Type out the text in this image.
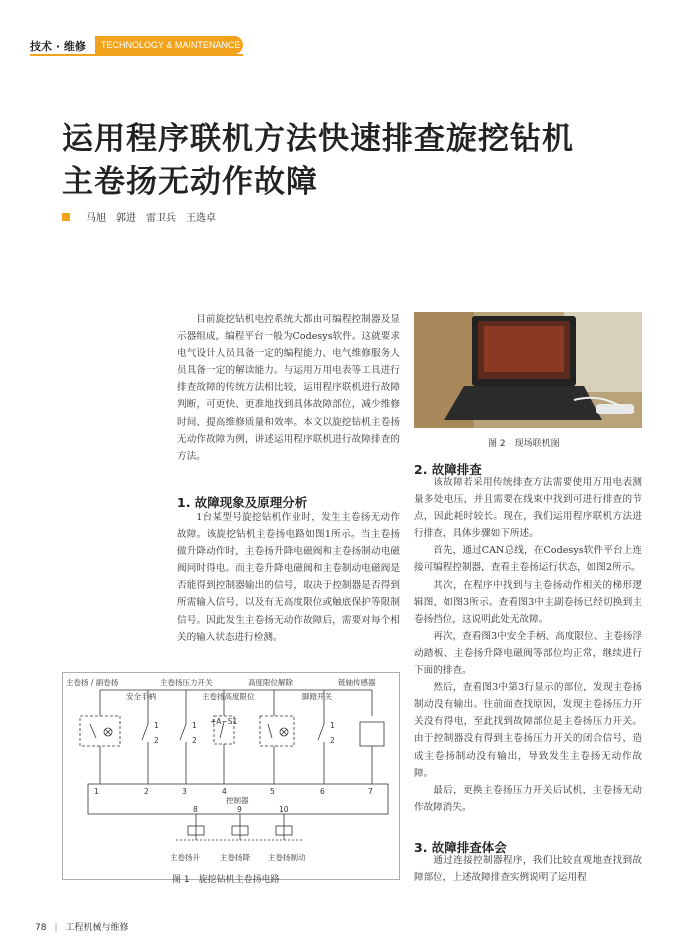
技术 · 维修	TECHNOLOGY & MAINTENANCE
运用程序联机方法快速排查旋挖钻机
主卷扬无动作故障
马旭 郭进 雷卫兵 王选卓

目前旋挖钻机电控系统大都由可编程控制器及显示器组成，编程平台一般为Codesys软件。这就要求电气设计人员具备一定的编程能力、电气维修服务人员具备一定的解读能力。与运用万用电表等工具进行排查故障的传统方法相比较，运用程序联机进行故障判断，可更快、更准地找到具体故障部位，减少维修时间、提高维修质量和效率。本文以旋挖钻机主卷扬无动作故障为例，讲述运用程序联机进行故障排查的方法。

1. 故障现象及原理分析

1台某型号旋挖钻机作业时，发生主卷扬无动作故障。该旋挖钻机主卷扬电路如图1所示。当主卷扬做升降动作时，主卷扬升降电磁阀和主卷扬制动电磁阀同时得电。而主卷升降电磁阀和主卷制动电磁阀是否能得到控制器输出的信号，取决于控制器是否得到所需输入信号，以及有无高度限位或触底保护等限制信号。因此发生主卷扬无动作故障后，需要对每个相关的输入状态进行检测。

主卷扬 / 副卷扬
安全手柄
主卷扬压力开关	高度限位解除
主卷扬高度限位	脚踏开关
链轴传感器
1
2
1
2
1
2
+A−S1
1	2	3	4	5	6	7
控制器
8	9	10
主卷扬升	主卷扬降 主卷扬制动
图 1　旋挖钻机主卷扬电路
图 2　现场联机图
2. 故障排查

该故障若采用传统排查方法需要使用万用电表测量多处电压，并且需要在线束中找到可进行排查的节点，因此耗时较长。现在，我们运用程序联机方法进行排查，具体步骤如下所述。

首先，通过CAN总线，在Codesys软件平台上连接可编程控制器，查看主卷扬运行状态，如图2所示。

其次，在程序中找到与主卷扬动作相关的梯形逻辑图，如图3所示。查看图3中主副卷扬已经切换到主卷扬挡位，这说明此处无故障。

再次，查看图3中安全手柄、高度限位、主卷扬浮动踏板、主卷扬升降电磁阀等部位均正常，继续进行下面的排查。

然后，查看图3中第3行显示的部位，发现主卷扬制动没有输出。往前面查找原因，发现主卷扬压力开关没有得电，至此找到故障部位是主卷扬压力开关。由于控制器没有得到主卷扬压力开关的闭合信号，造成主卷扬制动没有输出，导致发生主卷扬无动作故障。

最后，更换主卷扬压力开关后试机，主卷扬无动作故障消失。

3. 故障排查体会

通过连接控制器程序，我们比较直观地查找到故障部位，上述故障排查实例说明了运用程

78 | 工程机械与维修
